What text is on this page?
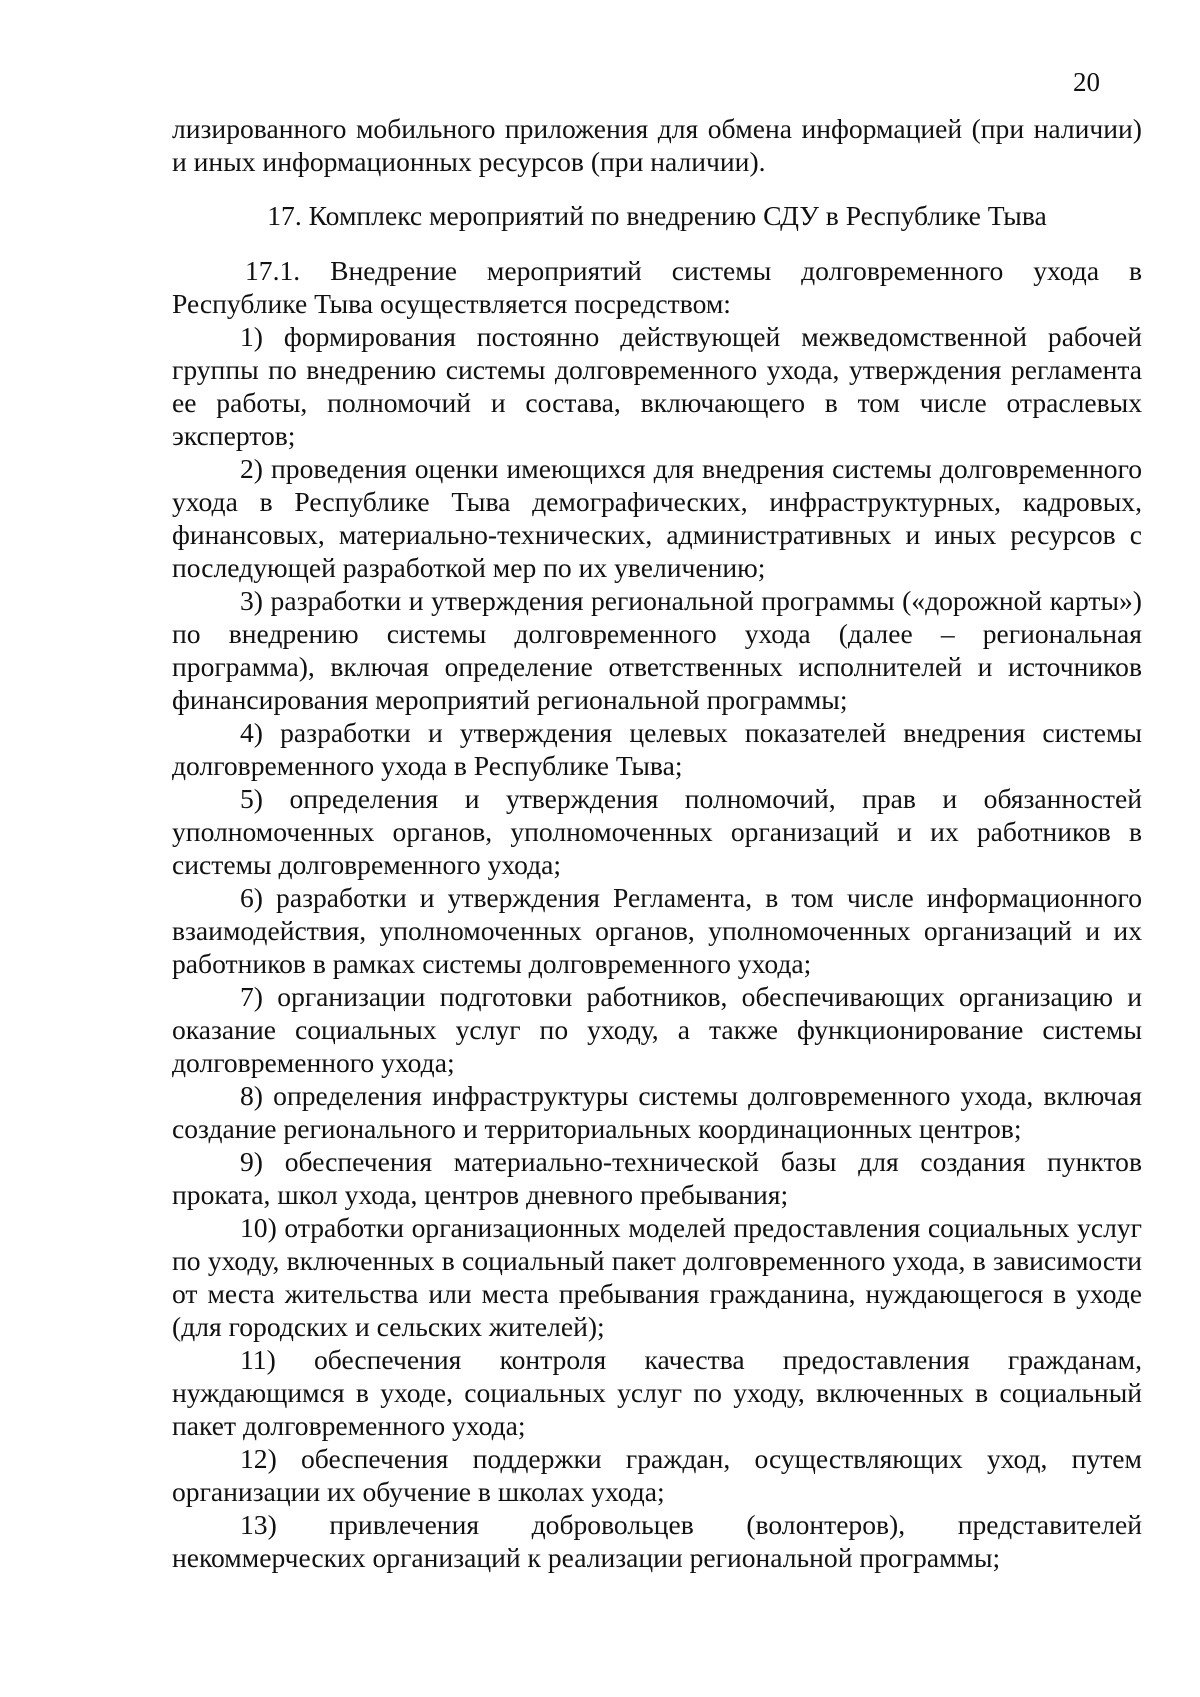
20

лизированного мобильного приложения для обмена информацией (при наличии) и иных информационных ресурсов (при наличии).

17. Комплекс мероприятий по внедрению СДУ в Республике Тыва

17.1. Внедрение мероприятий системы долговременного ухода в Республике Тыва осуществляется посредством:

1) формирования постоянно действующей межведомственной рабочей группы по внедрению системы долговременного ухода, утверждения регламента ее работы, полномочий и состава, включающего в том числе отраслевых экспертов;

2) проведения оценки имеющихся для внедрения системы долговременного ухода в Республике Тыва демографических, инфраструктурных, кадровых, финансовых, материально-технических, административных и иных ресурсов с последующей разработкой мер по их увеличению;

3) разработки и утверждения региональной программы («дорожной карты») по внедрению системы долговременного ухода (далее – региональная программа), включая определение ответственных исполнителей и источников финансирования мероприятий региональной программы;

4) разработки и утверждения целевых показателей внедрения системы долговременного ухода в Республике Тыва;

5) определения и утверждения полномочий, прав и обязанностей уполномоченных органов, уполномоченных организаций и их работников в системы долговременного ухода;

6) разработки и утверждения Регламента, в том числе информационного взаимодействия, уполномоченных органов, уполномоченных организаций и их работников в рамках системы долговременного ухода;

7) организации подготовки работников, обеспечивающих организацию и оказание социальных услуг по уходу, а также функционирование системы долговременного ухода;

8) определения инфраструктуры системы долговременного ухода, включая создание регионального и территориальных координационных центров;

9) обеспечения материально-технической базы для создания пунктов проката, школ ухода, центров дневного пребывания;

10) отработки организационных моделей предоставления социальных услуг по уходу, включенных в социальный пакет долговременного ухода, в зависимости от места жительства или места пребывания гражданина, нуждающегося в уходе (для городских и сельских жителей);

11) обеспечения контроля качества предоставления гражданам, нуждающимся в уходе, социальных услуг по уходу, включенных в социальный пакет долговременного ухода;

12) обеспечения поддержки граждан, осуществляющих уход, путем организации их обучение в школах ухода;

13) привлечения добровольцев (волонтеров), представителей некоммерческих организаций к реализации региональной программы;
